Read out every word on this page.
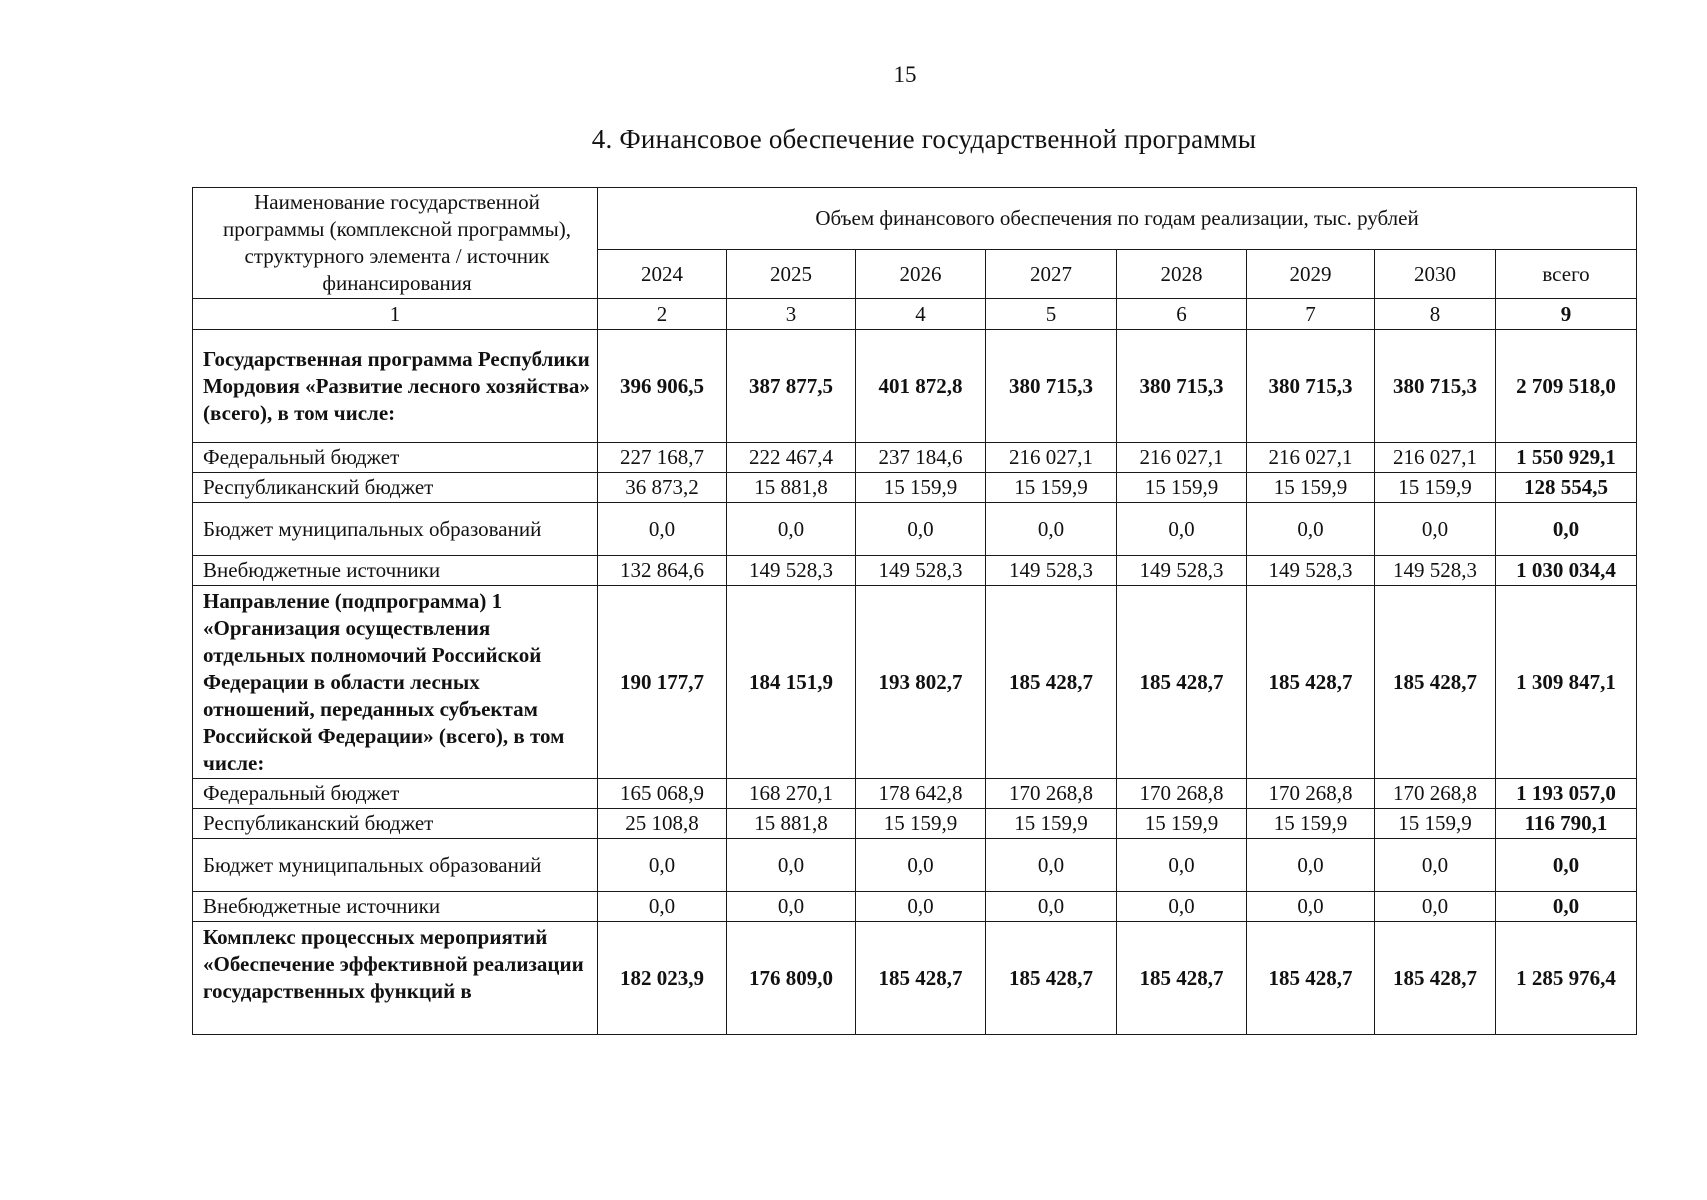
15
4. Финансовое обеспечение государственной программы
Наименование государственной программы (комплексной программы), структурного элемента / источник финансирования	Объем финансового обеспечения по годам реализации, тыс. рублей							
	2024	2025	2026	2027	2028	2029	2030	всего
1	2	3	4	5	6	7	8	9
Государственная программа Республики Мордовия «Развитие лесного хозяйства» (всего), в том числе:	396 906,5	387 877,5	401 872,8	380 715,3	380 715,3	380 715,3	380 715,3	2 709 518,0
Федеральный бюджет	227 168,7	222 467,4	237 184,6	216 027,1	216 027,1	216 027,1	216 027,1	1 550 929,1
Республиканский бюджет	36 873,2	15 881,8	15 159,9	15 159,9	15 159,9	15 159,9	15 159,9	128 554,5
Бюджет муниципальных образований	0,0	0,0	0,0	0,0	0,0	0,0	0,0	0,0
Внебюджетные источники	132 864,6	149 528,3	149 528,3	149 528,3	149 528,3	149 528,3	149 528,3	1 030 034,4
Направление (подпрограмма) 1 «Организация осуществления отдельных полномочий Российской Федерации в области лесных отношений, переданных субъектам Российской Федерации» (всего), в том числе:	190 177,7	184 151,9	193 802,7	185 428,7	185 428,7	185 428,7	185 428,7	1 309 847,1
Федеральный бюджет	165 068,9	168 270,1	178 642,8	170 268,8	170 268,8	170 268,8	170 268,8	1 193 057,0
Республиканский бюджет	25 108,8	15 881,8	15 159,9	15 159,9	15 159,9	15 159,9	15 159,9	116 790,1
Бюджет муниципальных образований	0,0	0,0	0,0	0,0	0,0	0,0	0,0	0,0
Внебюджетные источники	0,0	0,0	0,0	0,0	0,0	0,0	0,0	0,0
Комплекс процессных мероприятий «Обеспечение эффективной реализации государственных функций в	182 023,9	176 809,0	185 428,7	185 428,7	185 428,7	185 428,7	185 428,7	1 285 976,4
